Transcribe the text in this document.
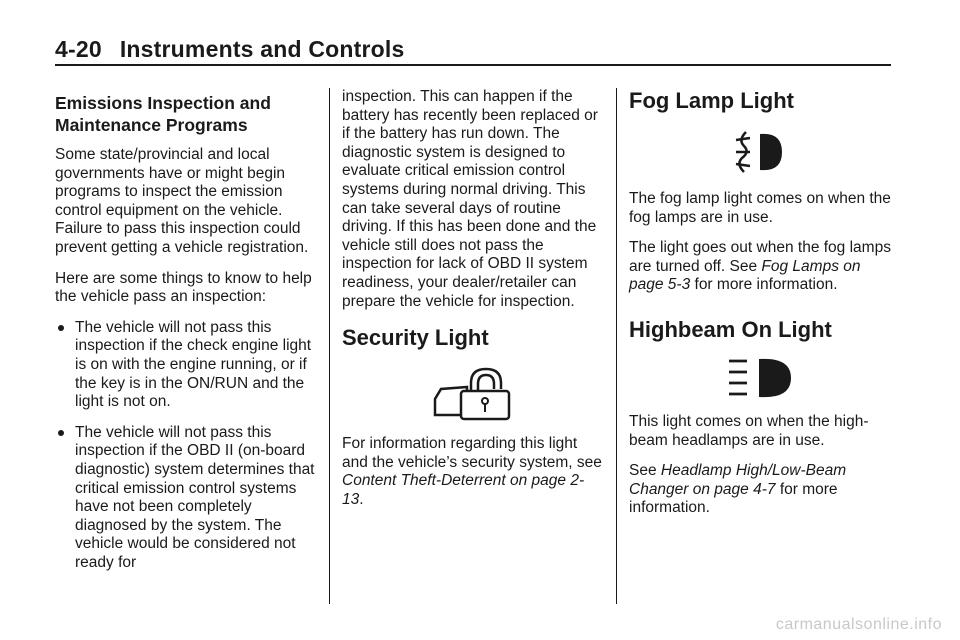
4-20 Instruments and Controls
Emissions Inspection and Maintenance Programs

Some state/provincial and local governments have or might begin programs to inspect the emission control equipment on the vehicle. Failure to pass this inspection could prevent getting a vehicle registration.

Here are some things to know to help the vehicle pass an inspection:

The vehicle will not pass this inspection if the check engine light is on with the engine running, or if the key is in the ON/RUN and the light is not on.
The vehicle will not pass this inspection if the OBD II (on-board diagnostic) system determines that critical emission control systems have not been completely diagnosed by the system. The vehicle would be considered not ready for

inspection. This can happen if the battery has recently been replaced or if the battery has run down. The diagnostic system is designed to evaluate critical emission control systems during normal driving. This can take several days of routine driving. If this has been done and the vehicle still does not pass the inspection for lack of OBD II system readiness, your dealer/retailer can prepare the vehicle for inspection.

Security Light

For information regarding this light and the vehicle’s security system, see Content Theft-Deterrent on page 2-13.

Fog Lamp Light

The fog lamp light comes on when the fog lamps are in use.

The light goes out when the fog lamps are turned off. See Fog Lamps on page 5-3 for more information.

Highbeam On Light

This light comes on when the high-beam headlamps are in use.

See Headlamp High/Low-Beam Changer on page 4-7 for more information.

carmanualsonline.info
